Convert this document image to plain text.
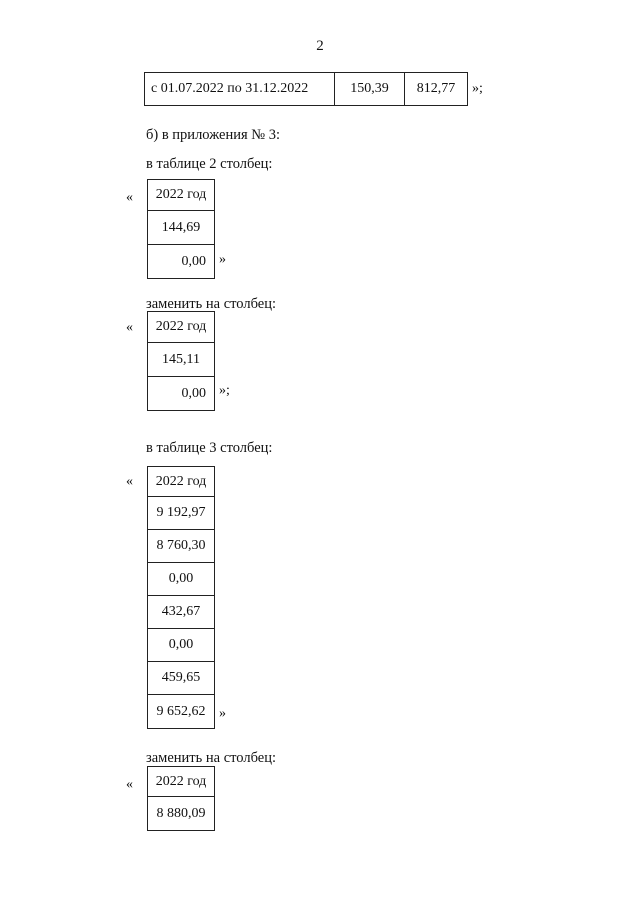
2
с 01.07.2022 по 31.12.2022	150,39	812,77	»;
б) в приложения № 3:
в таблице 2 столбец:
«	2022 год
144,69
0,00 »
заменить на столбец:
«	2022 год
145,11
0,00 »;
в таблице 3 столбец:
«	2022 год
9 192,97
8 760,30
0,00
432,67
0,00
459,65
9 652,62 »
заменить на столбец:
«	2022 год
8 880,09
